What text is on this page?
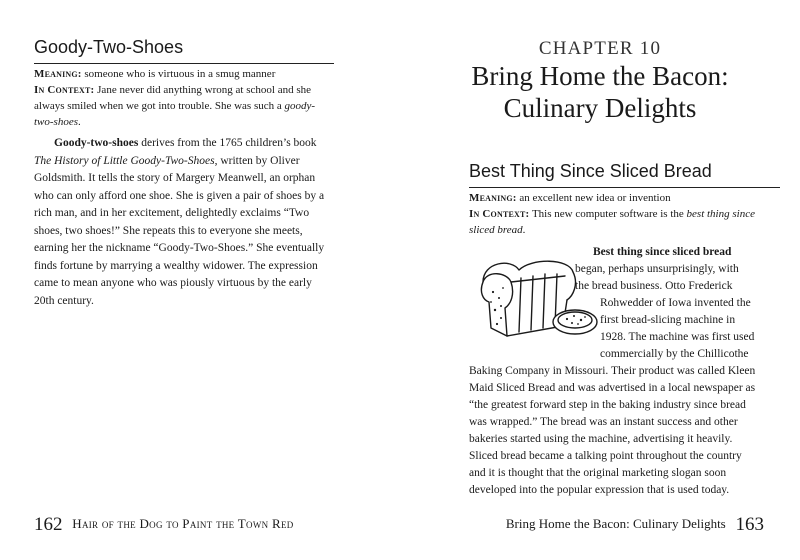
Goody-Two-Shoes
Meaning: someone who is virtuous in a smug manner
In Context: Jane never did anything wrong at school and she always smiled when we got into trouble. She was such a goody-two-shoes.

Goody-two-shoes derives from the 1765 children’s book The History of Little Goody-Two-Shoes, written by Oliver Goldsmith. It tells the story of Margery Meanwell, an orphan who can only afford one shoe. She is given a pair of shoes by a rich man, and in her excitement, delightedly exclaims “Two shoes, two shoes!” She repeats this to everyone she meets, earning her the nickname “Goody-Two-Shoes.” She eventually finds fortune by marrying a wealthy widower. The expression came to mean anyone who was piously virtuous by the early 20th century.

162 Hair of the Dog to Paint the Town Red
CHAPTER 10
Bring Home the Bacon:
Culinary Delights
Best Thing Since Sliced Bread
Meaning: an excellent new idea or invention
In Context: This new computer software is the best thing since sliced bread.
Best thing since sliced bread
began, perhaps unsurprisingly, with
the bread business. Otto Frederick
Rohwedder of Iowa invented the
first bread-slicing machine in
1928. The machine was first used
commercially by the Chillicothe
Baking Company in Missouri. Their product was called Kleen
Maid Sliced Bread and was advertised in a local newspaper as
“the greatest forward step in the baking industry since bread
was wrapped.” The bread was an instant success and other
bakeries started using the machine, advertising it heavily.
Sliced bread became a talking point throughout the country
and it is thought that the original marketing slogan soon
developed into the popular expression that is used today.
Bring Home the Bacon: Culinary Delights 163
